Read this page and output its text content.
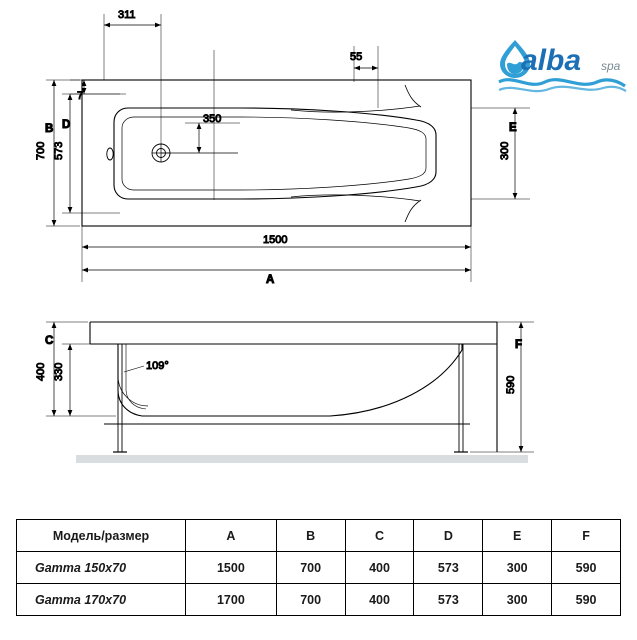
311
55
7
350
B
700
D
573
E
300
1500
A
109°
C
400 330
F
590
alba spa
Модель/размер	A	B	C	D	E	F
Gamma 150х70	1500	700	400	573	300	590
Gamma 170х70	1700	700	400	573	300	590
